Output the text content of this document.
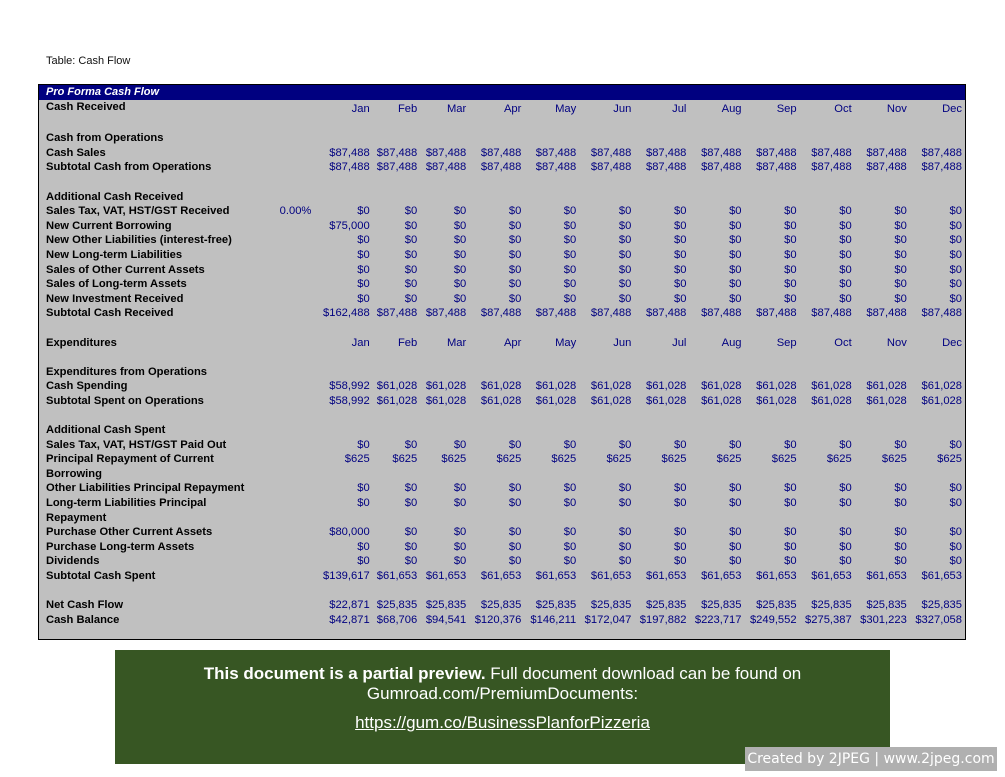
Table: Cash Flow
Pro Forma Cash Flow
Cash Received		Jan	Feb	Mar	Apr	May	Jun	Jul	Aug	Sep	Oct	Nov	Dec

Cash from Operations													
Cash Sales		$87,488	$87,488	$87,488	$87,488	$87,488	$87,488	$87,488	$87,488	$87,488	$87,488	$87,488	$87,488
Subtotal Cash from Operations		$87,488	$87,488	$87,488	$87,488	$87,488	$87,488	$87,488	$87,488	$87,488	$87,488	$87,488	$87,488

Additional Cash Received													
Sales Tax, VAT, HST/GST Received	0.00%	$0	$0	$0	$0	$0	$0	$0	$0	$0	$0	$0	$0
New Current Borrowing		$75,000	$0	$0	$0	$0	$0	$0	$0	$0	$0	$0	$0
New Other Liabilities (interest-free)		$0	$0	$0	$0	$0	$0	$0	$0	$0	$0	$0	$0
New Long-term Liabilities		$0	$0	$0	$0	$0	$0	$0	$0	$0	$0	$0	$0
Sales of Other Current Assets		$0	$0	$0	$0	$0	$0	$0	$0	$0	$0	$0	$0
Sales of Long-term Assets		$0	$0	$0	$0	$0	$0	$0	$0	$0	$0	$0	$0
New Investment Received		$0	$0	$0	$0	$0	$0	$0	$0	$0	$0	$0	$0
Subtotal Cash Received		$162,488	$87,488	$87,488	$87,488	$87,488	$87,488	$87,488	$87,488	$87,488	$87,488	$87,488	$87,488

Expenditures		Jan	Feb	Mar	Apr	May	Jun	Jul	Aug	Sep	Oct	Nov	Dec

Expenditures from Operations													
Cash Spending		$58,992	$61,028	$61,028	$61,028	$61,028	$61,028	$61,028	$61,028	$61,028	$61,028	$61,028	$61,028
Subtotal Spent on Operations		$58,992	$61,028	$61,028	$61,028	$61,028	$61,028	$61,028	$61,028	$61,028	$61,028	$61,028	$61,028

Additional Cash Spent													
Sales Tax, VAT, HST/GST Paid Out		$0	$0	$0	$0	$0	$0	$0	$0	$0	$0	$0	$0
Principal Repayment of Current		$625	$625	$625	$625	$625	$625	$625	$625	$625	$625	$625	$625
Borrowing													
Other Liabilities Principal Repayment		$0	$0	$0	$0	$0	$0	$0	$0	$0	$0	$0	$0
Long-term Liabilities Principal		$0	$0	$0	$0	$0	$0	$0	$0	$0	$0	$0	$0
Repayment													
Purchase Other Current Assets		$80,000	$0	$0	$0	$0	$0	$0	$0	$0	$0	$0	$0
Purchase Long-term Assets		$0	$0	$0	$0	$0	$0	$0	$0	$0	$0	$0	$0
Dividends		$0	$0	$0	$0	$0	$0	$0	$0	$0	$0	$0	$0
Subtotal Cash Spent		$139,617	$61,653	$61,653	$61,653	$61,653	$61,653	$61,653	$61,653	$61,653	$61,653	$61,653	$61,653

Net Cash Flow		$22,871	$25,835	$25,835	$25,835	$25,835	$25,835	$25,835	$25,835	$25,835	$25,835	$25,835	$25,835
Cash Balance		$42,871	$68,706	$94,541	$120,376	$146,211	$172,047	$197,882	$223,717	$249,552	$275,387	$301,223	$327,058
This document is a partial preview. Full document download can be found on Gumroad.com/PremiumDocuments:
https://gum.co/BusinessPlanforPizzeria
Created by 2JPEG | www.2jpeg.com
